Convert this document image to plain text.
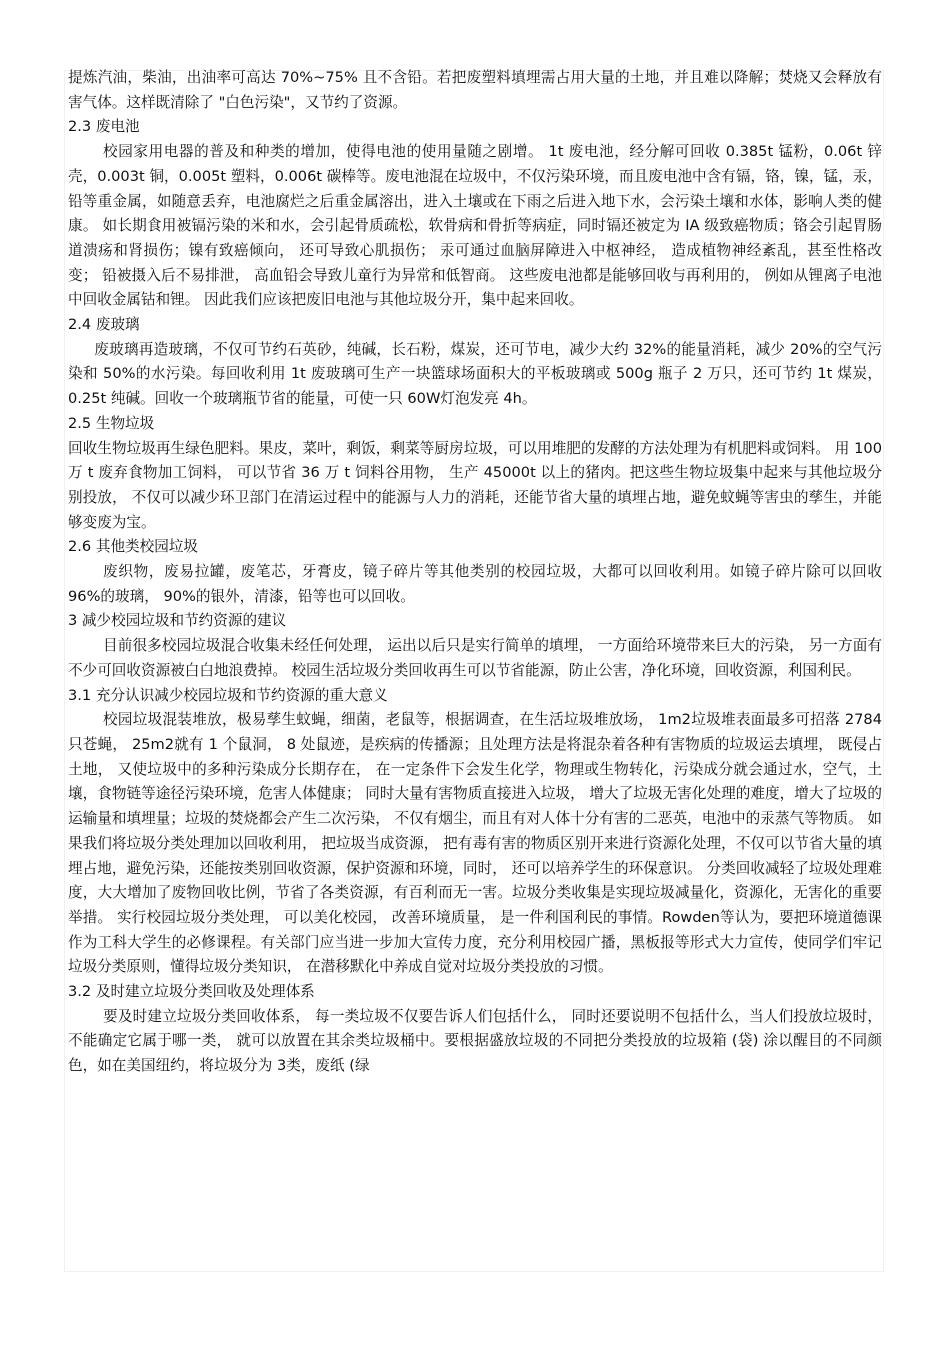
提炼汽油，柴油，出油率可高达 70%~75% 且不含铅。若把废塑料填埋需占用大量的土地，并且难以降解；焚烧又会释放有害气体。这样既清除了 "白色污染"，又节约了资源。

2.3 废电池

校园家用电器的普及和种类的增加，使得电池的使用量随之剧增。 1t 废电池，经分解可回收 0.385t 锰粉，0.06t 锌壳，0.003t 铜，0.005t 塑料，0.006t 碳棒等。废电池混在垃圾中，不仅污染环境，而且废电池中含有镉，铬，镍，锰，汞，铅等重金属，如随意丢弃，电池腐烂之后重金属溶出，进入土壤或在下雨之后进入地下水，会污染土壤和水体，影响人类的健康。 如长期食用被镉污染的米和水，会引起骨质疏松，软骨病和骨折等病症，同时镉还被定为 IA 级致癌物质；铬会引起胃肠道溃疡和肾损伤；镍有致癌倾向， 还可导致心肌损伤； 汞可通过血脑屏障进入中枢神经， 造成植物神经紊乱，甚至性格改变； 铅被摄入后不易排泄， 高血铅会导致儿童行为异常和低智商。 这些废电池都是能够回收与再利用的， 例如从锂离子电池中回收金属钴和锂。 因此我们应该把废旧电池与其他垃圾分开，集中起来回收。

2.4 废玻璃

废玻璃再造玻璃，不仅可节约石英砂，纯碱，长石粉，煤炭，还可节电，减少大约 32%的能量消耗，减少 20%的空气污染和 50%的水污染。每回收利用 1t 废玻璃可生产一块篮球场面积大的平板玻璃或 500g 瓶子 2 万只，还可节约 1t 煤炭， 0.25t 纯碱。回收一个玻璃瓶节省的能量，可使一只 60W灯泡发亮 4h。

2.5 生物垃圾

回收生物垃圾再生绿色肥料。果皮，菜叶，剩饭，剩菜等厨房垃圾，可以用堆肥的发酵的方法处理为有机肥料或饲料。 用 100 万 t 废弃食物加工饲料， 可以节省 36 万 t 饲料谷用物， 生产 45000t 以上的猪肉。把这些生物垃圾集中起来与其他垃圾分别投放， 不仅可以减少环卫部门在清运过程中的能源与人力的消耗，还能节省大量的填埋占地，避免蚊蝇等害虫的孳生，并能够变废为宝。

2.6 其他类校园垃圾

废织物，废易拉罐，废笔芯，牙膏皮，镜子碎片等其他类别的校园垃圾，大都可以回收利用。如镜子碎片除可以回收 96%的玻璃， 90%的银外，清漆，铅等也可以回收。

3 减少校园垃圾和节约资源的建议

目前很多校园垃圾混合收集未经任何处理， 运出以后只是实行简单的填埋， 一方面给环境带来巨大的污染， 另一方面有不少可回收资源被白白地浪费掉。 校园生活垃圾分类回收再生可以节省能源，防止公害，净化环境，回收资源，利国利民。

3.1 充分认识减少校园垃圾和节约资源的重大意义

校园垃圾混装堆放，极易孳生蚊蝇，细菌，老鼠等，根据调查，在生活垃圾堆放场， 1m2垃圾堆表面最多可招落 2784 只苍蝇， 25m2就有 1 个鼠洞， 8 处鼠迹，是疾病的传播源；且处理方法是将混杂着各种有害物质的垃圾运去填埋， 既侵占土地， 又使垃圾中的多种污染成分长期存在， 在一定条件下会发生化学，物理或生物转化，污染成分就会通过水，空气，土壤，食物链等途径污染环境，危害人体健康； 同时大量有害物质直接进入垃圾， 增大了垃圾无害化处理的难度，增大了垃圾的运输量和填埋量；垃圾的焚烧都会产生二次污染， 不仅有烟尘，而且有对人体十分有害的二恶英，电池中的汞蒸气等物质。 如果我们将垃圾分类处理加以回收利用， 把垃圾当成资源， 把有毒有害的物质区别开来进行资源化处理，不仅可以节省大量的填埋占地，避免污染，还能按类别回收资源，保护资源和环境，同时， 还可以培养学生的环保意识。 分类回收减轻了垃圾处理难度，大大增加了废物回收比例，节省了各类资源，有百利而无一害。垃圾分类收集是实现垃圾减量化，资源化，无害化的重要举措。 实行校园垃圾分类处理， 可以美化校园， 改善环境质量， 是一件利国利民的事情。Rowden等认为，要把环境道德课作为工科大学生的必修课程。有关部门应当进一步加大宣传力度，充分利用校园广播，黑板报等形式大力宣传，使同学们牢记垃圾分类原则，懂得垃圾分类知识， 在潜移默化中养成自觉对垃圾分类投放的习惯。

3.2 及时建立垃圾分类回收及处理体系

要及时建立垃圾分类回收体系， 每一类垃圾不仅要告诉人们包括什么， 同时还要说明不包括什么，当人们投放垃圾时， 不能确定它属于哪一类， 就可以放置在其余类垃圾桶中。要根据盛放垃圾的不同把分类投放的垃圾箱 (袋) 涂以醒目的不同颜色，如在美国纽约，将垃圾分为 3类，废纸 (绿
